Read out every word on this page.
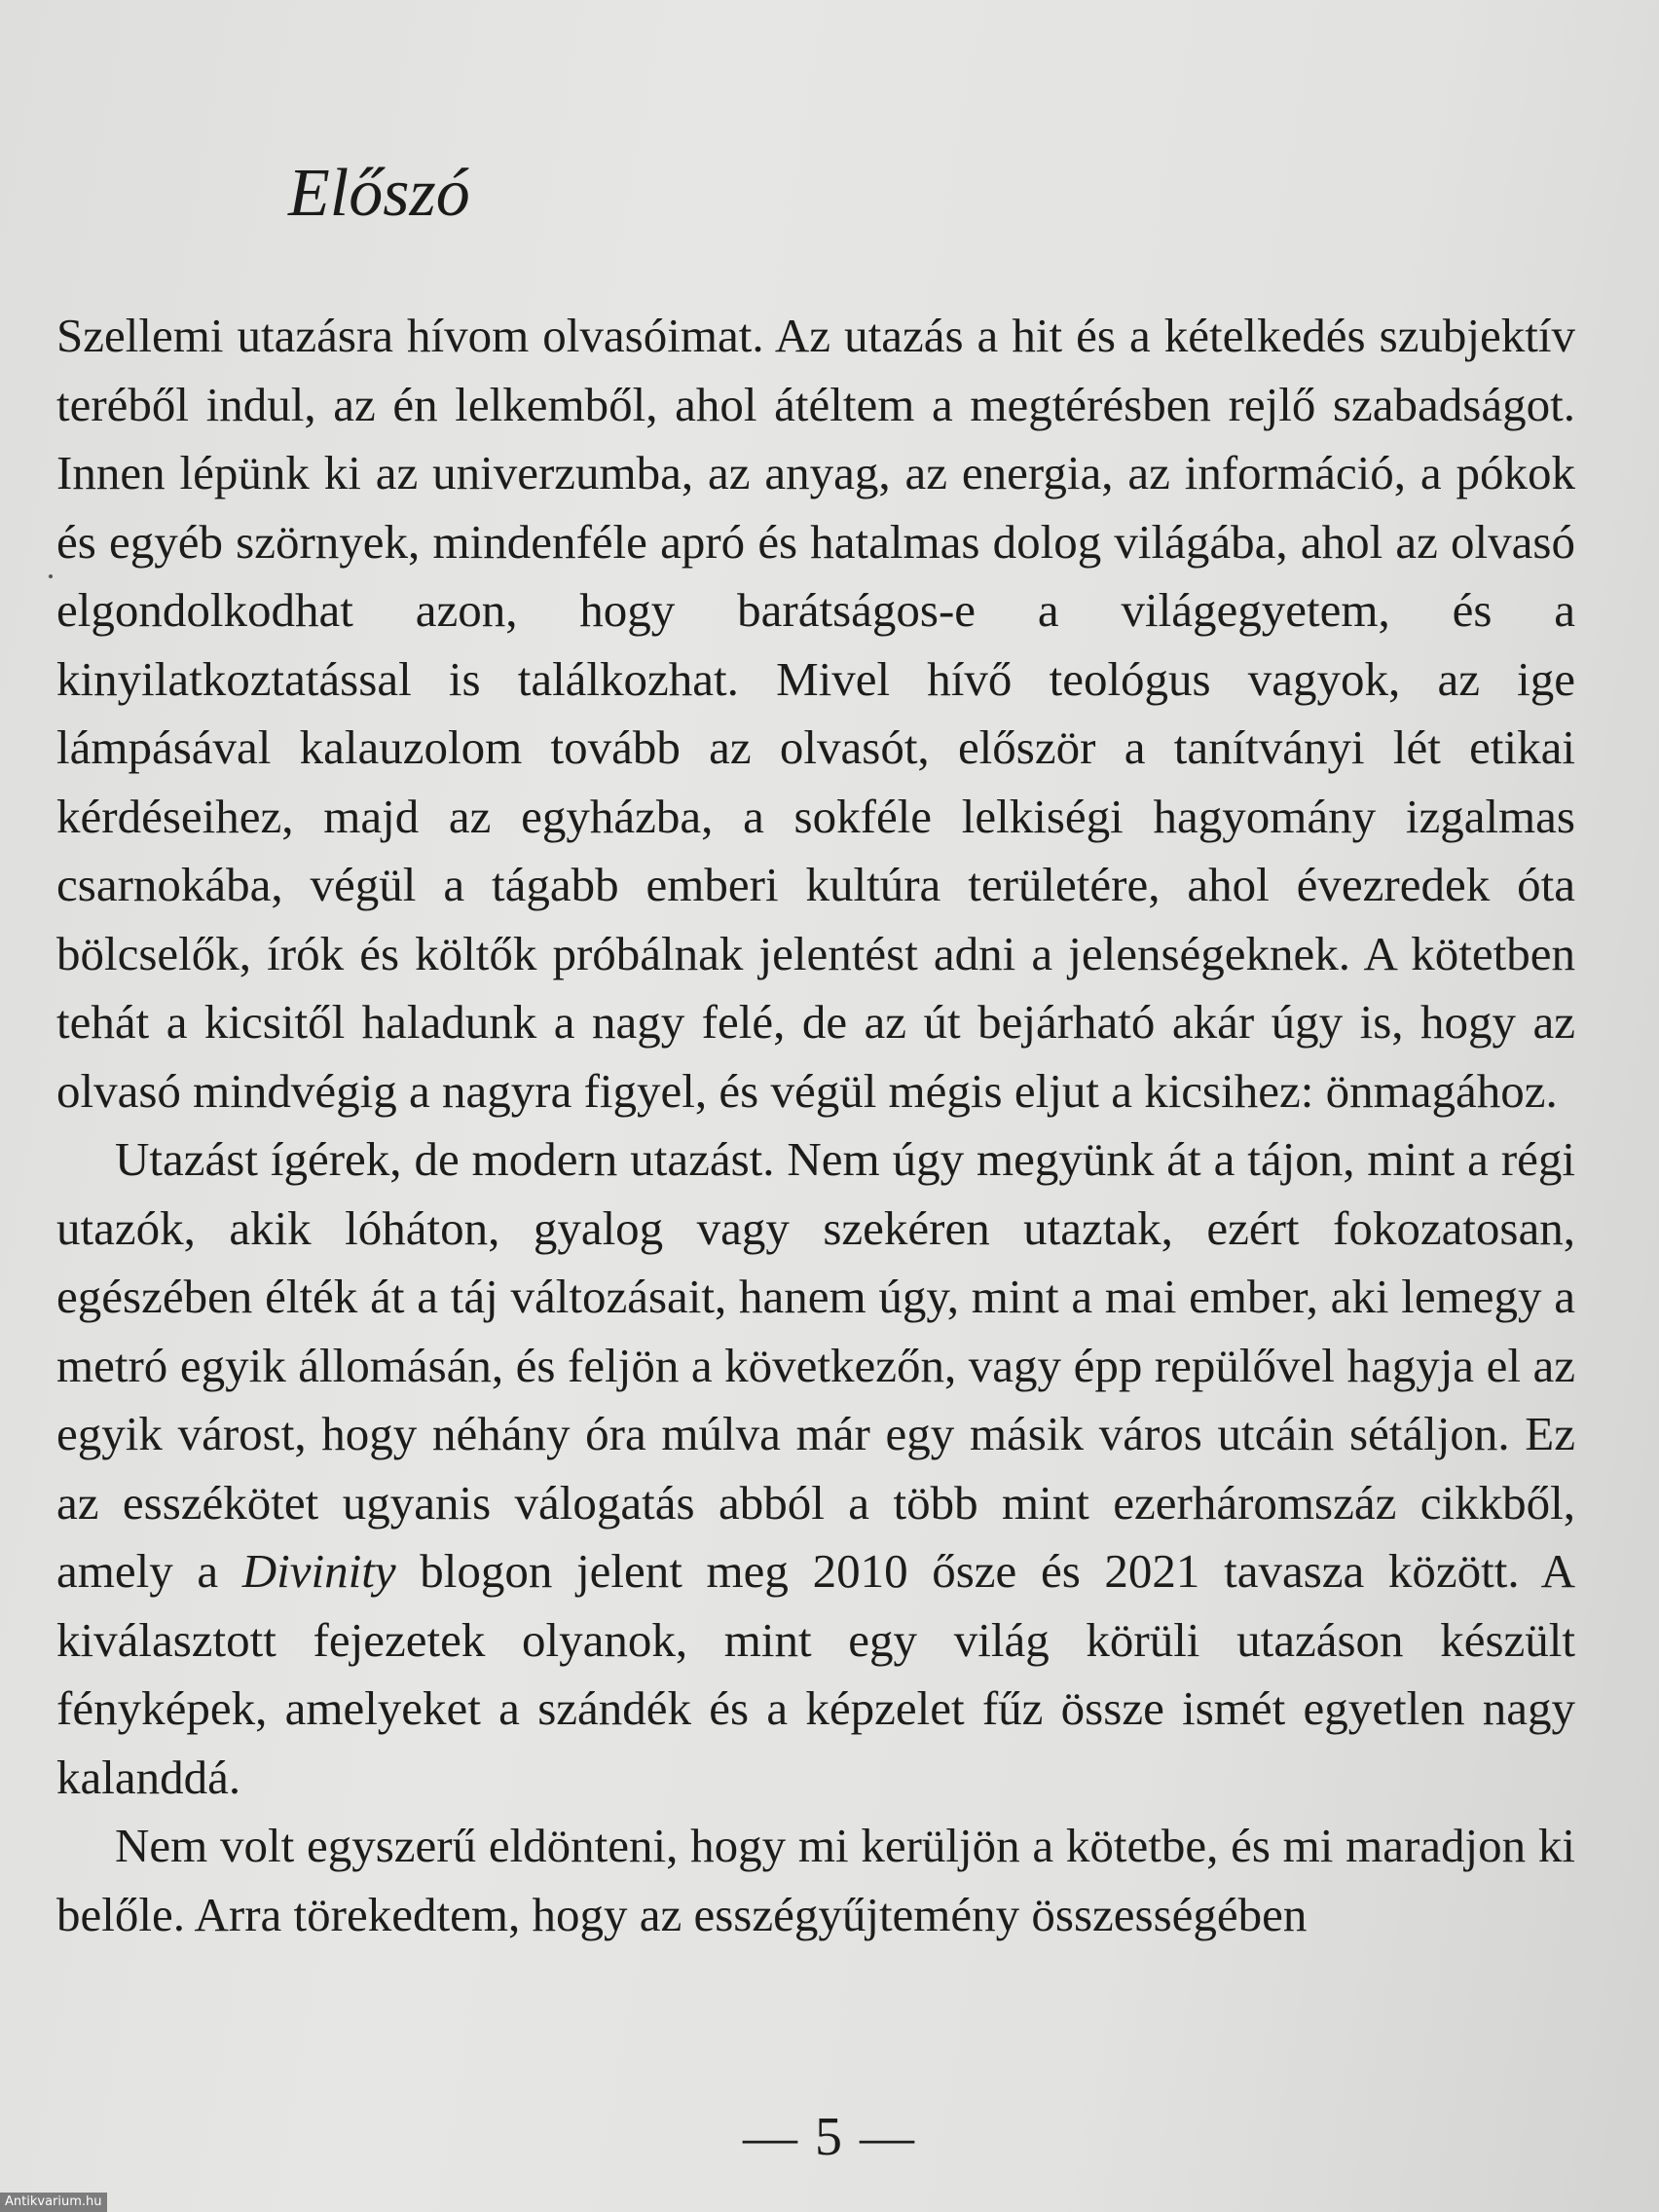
Előszó

Szellemi utazásra hívom olvasóimat. Az utazás a hit és a kételkedés szubjektív teréből indul, az én lelkemből, ahol átéltem a megtérésben rejlő szabadságot. Innen lépünk ki az univerzumba, az anyag, az energia, az információ, a pókok és egyéb szörnyek, mindenféle apró és hatalmas dolog világába, ahol az olvasó elgondolkodhat azon, hogy barátságos-e a világegyetem, és a kinyilatkoztatással is találkozhat. Mivel hívő teológus vagyok, az ige lámpásával kalauzolom tovább az olvasót, először a tanítványi lét etikai kérdéseihez, majd az egyházba, a sokféle lelkiségi hagyomány izgalmas csarnokába, végül a tágabb emberi kultúra területére, ahol évezredek óta bölcselők, írók és költők próbálnak jelentést adni a jelenségeknek. A kötetben tehát a kicsitől haladunk a nagy felé, de az út bejárható akár úgy is, hogy az olvasó mindvégig a nagyra figyel, és végül mégis eljut a kicsihez: önmagához.

Utazást ígérek, de modern utazást. Nem úgy megyünk át a tájon, mint a régi utazók, akik lóháton, gyalog vagy szekéren utaztak, ezért fokozatosan, egészében élték át a táj változásait, hanem úgy, mint a mai ember, aki lemegy a metró egyik állomásán, és feljön a következőn, vagy épp repülővel hagyja el az egyik várost, hogy néhány óra múlva már egy másik város utcáin sétáljon. Ez az esszékötet ugyanis válogatás abból a több mint ezerháromszáz cikkből, amely a Divinity blogon jelent meg 2010 ősze és 2021 tavasza között. A kiválasztott fejezetek olyanok, mint egy világ körüli utazáson készült fényképek, amelyeket a szándék és a képzelet fűz össze ismét egyetlen nagy kalanddá.

Nem volt egyszerű eldönteni, hogy mi kerüljön a kötetbe, és mi maradjon ki belőle. Arra törekedtem, hogy az esszégyűjtemény összességében

— 5 —
Antikvarium.hu
